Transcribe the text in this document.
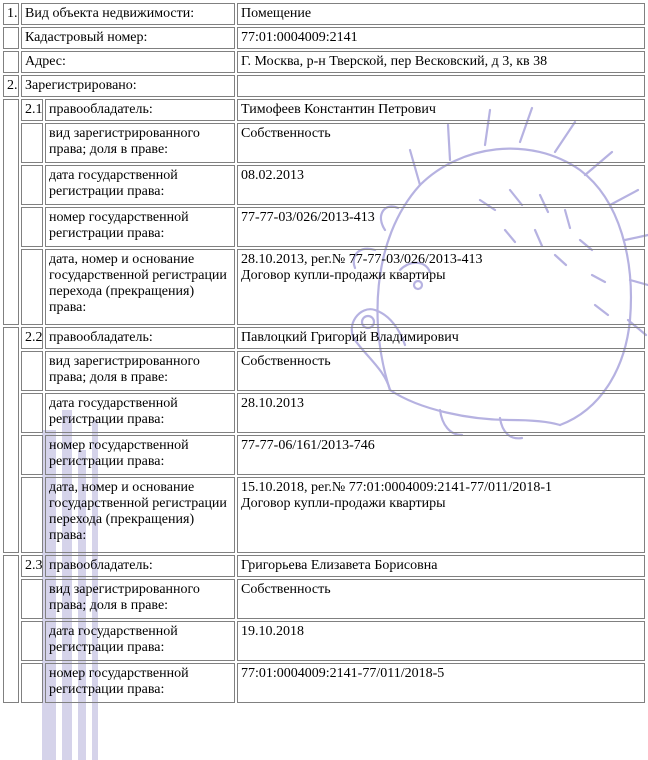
1.	Вид объекта недвижимости:		Помещение
	Кадастровый номер:		77:01:0004009:2141
	Адрес:		Г. Москва, р-н Тверской, пер Весковский, д 3, кв 38
2.	Зарегистрировано:		
	2.1	правообладатель:	Тимофеев Константин Петрович
		вид зарегистрированного права; доля в праве:	Собственность
		дата государственной регистрации права:	08.02.2013
		номер государственной регистрации права:	77-77-03/026/2013-413
		дата, номер и основание государственной регистрации перехода (прекращения) права:	28.10.2013, рег.№ 77-77-03/026/2013-413
Договор купли-продажи квартиры

	2.2	правообладатель:	Павлоцкий Григорий Владимирович
		вид зарегистрированного права; доля в праве:	Собственность
		дата государственной регистрации права:	28.10.2013
		номер государственной регистрации права:	77-77-06/161/2013-746
		дата, номер и основание государственной регистрации перехода (прекращения) права:	15.10.2018, рег.№ 77:01:0004009:2141-77/011/2018-1
Договор купли-продажи квартиры

	2.3	правообладатель:	Григорьева Елизавета Борисовна
		вид зарегистрированного права; доля в праве:	Собственность
		дата государственной регистрации права:	19.10.2018
		номер государственной регистрации права:	77:01:0004009:2141-77/011/2018-5
